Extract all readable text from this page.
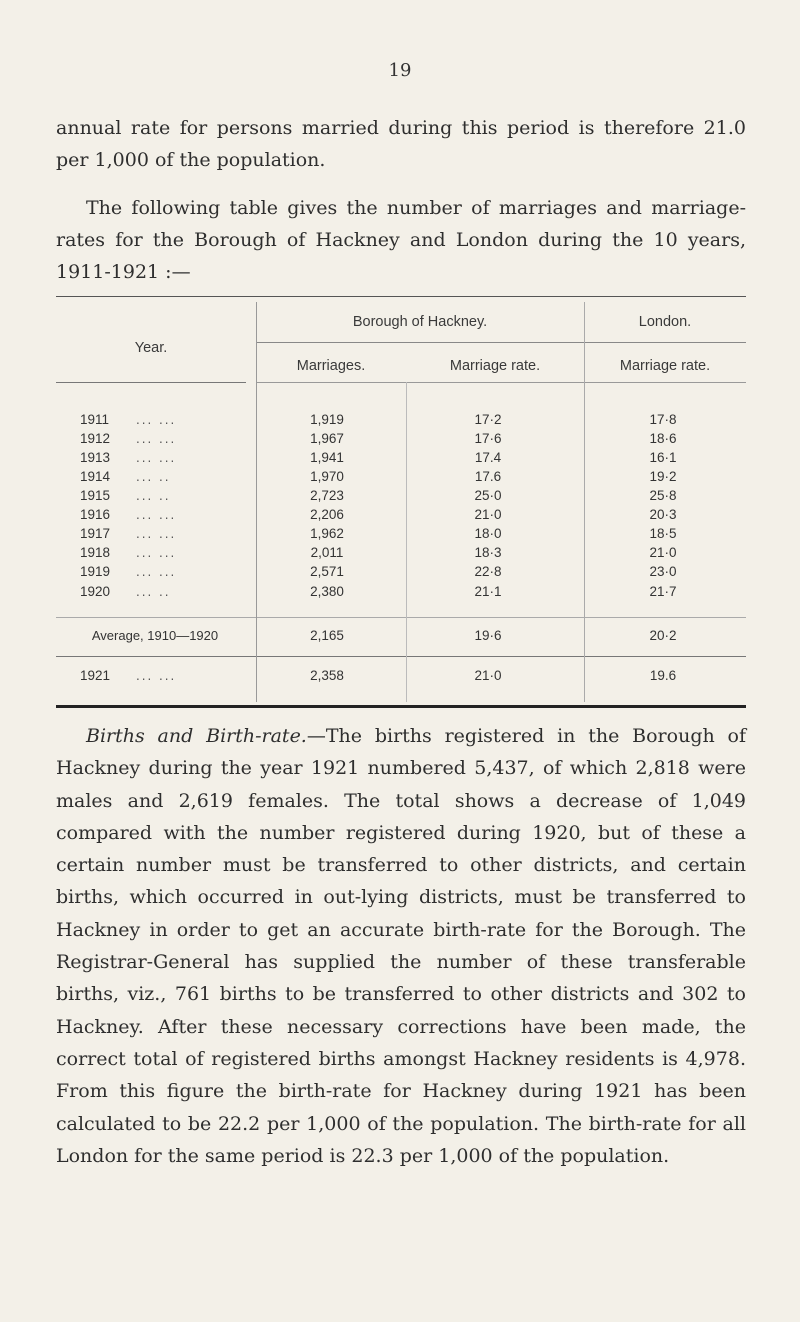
19
annual rate for persons married during this period is therefore 21.0 per 1,000 of the population.
The following table gives the number of marriages and marriage-rates for the Borough of Hackney and London during the 10 years, 1911-1921 :—
Year.
Borough of Hackney.	London.
Marriages.	Marriage rate.	Marriage rate.
1911 ... ...	1,919	17·2	17·8
1912 ... ...	1,967	17·6	18·6
1913 ... ...	1,941	17.4	16·1
1914 ... ..	1,970	17.6	19·2
1915 ... ..	2,723	25·0	25·8
1916 ... ...	2,206	21·0	20·3
1917 ... ...	1,962	18·0	18·5
1918 ... ...	2,011	18·3	21·0
1919 ... ...	2,571	22·8	23·0
1920 ... ..	2,380	21·1	21·7
Average, 1910—1920	2,165	19·6	20·2
1921 ... ...	2,358	21·0	19.6
Births and Birth-rate.—The births registered in the Borough of Hackney during the year 1921 numbered 5,437, of which 2,818 were males and 2,619 females. The total shows a decrease of 1,049 compared with the number registered during 1920, but of these a certain number must be transferred to other districts, and certain births, which occurred in out-lying districts, must be transferred to Hackney in order to get an accurate birth-rate for the Borough. The Registrar-General has supplied the number of these transferable births, viz., 761 births to be transferred to other districts and 302 to Hackney. After these necessary corrections have been made, the correct total of registered births amongst Hackney residents is 4,978. From this figure the birth-rate for Hackney during 1921 has been calculated to be 22.2 per 1,000 of the population. The birth-rate for all London for the same period is 22.3 per 1,000 of the population.
